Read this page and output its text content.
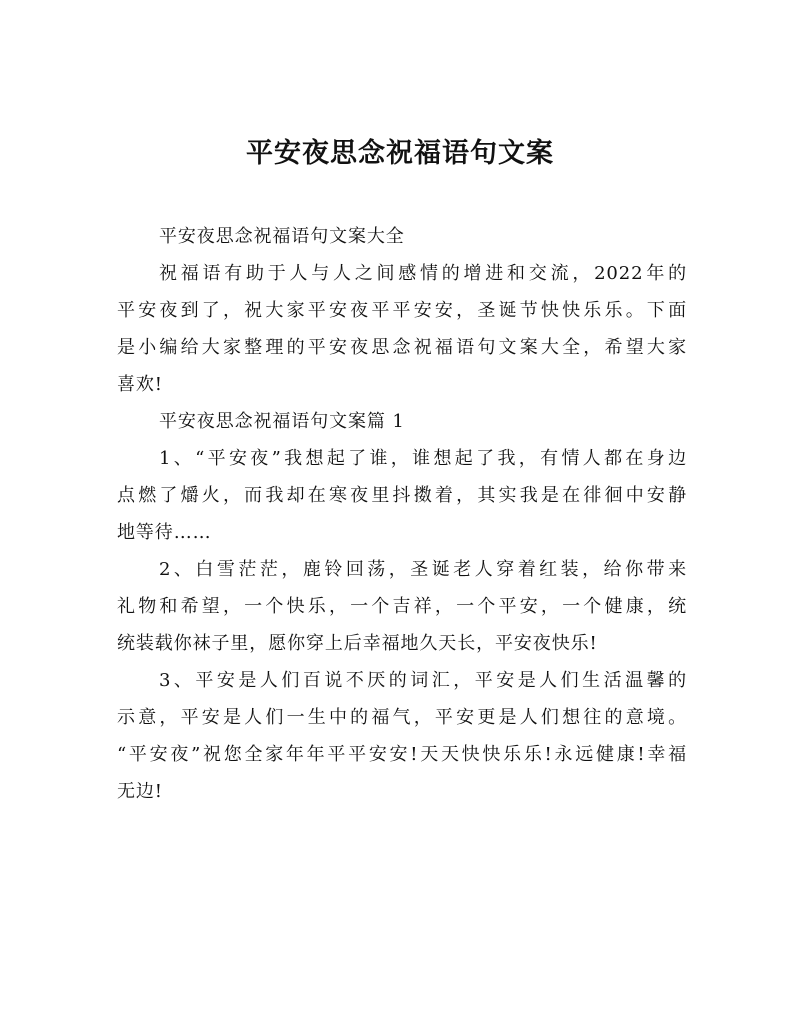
平安夜思念祝福语句文案
平安夜思念祝福语句文案大全
祝福语有助于人与人之间感情的增进和交流，2022年的
平安夜到了，祝大家平安夜平平安安，圣诞节快快乐乐。下面
是小编给大家整理的平安夜思念祝福语句文案大全，希望大家
喜欢!
平安夜思念祝福语句文案篇 1
1、“平安夜”我想起了谁，谁想起了我，有情人都在身边
点燃了爝火，而我却在寒夜里抖擞着，其实我是在徘徊中安静
地等待……
2、白雪茫茫，鹿铃回荡，圣诞老人穿着红装，给你带来
礼物和希望，一个快乐，一个吉祥，一个平安，一个健康，统
统装载你袜子里，愿你穿上后幸福地久天长，平安夜快乐!
3、平安是人们百说不厌的词汇，平安是人们生活温馨的
示意，平安是人们一生中的福气，平安更是人们想往的意境。
“平安夜”祝您全家年年平平安安!天天快快乐乐!永远健康!幸福
无边!
